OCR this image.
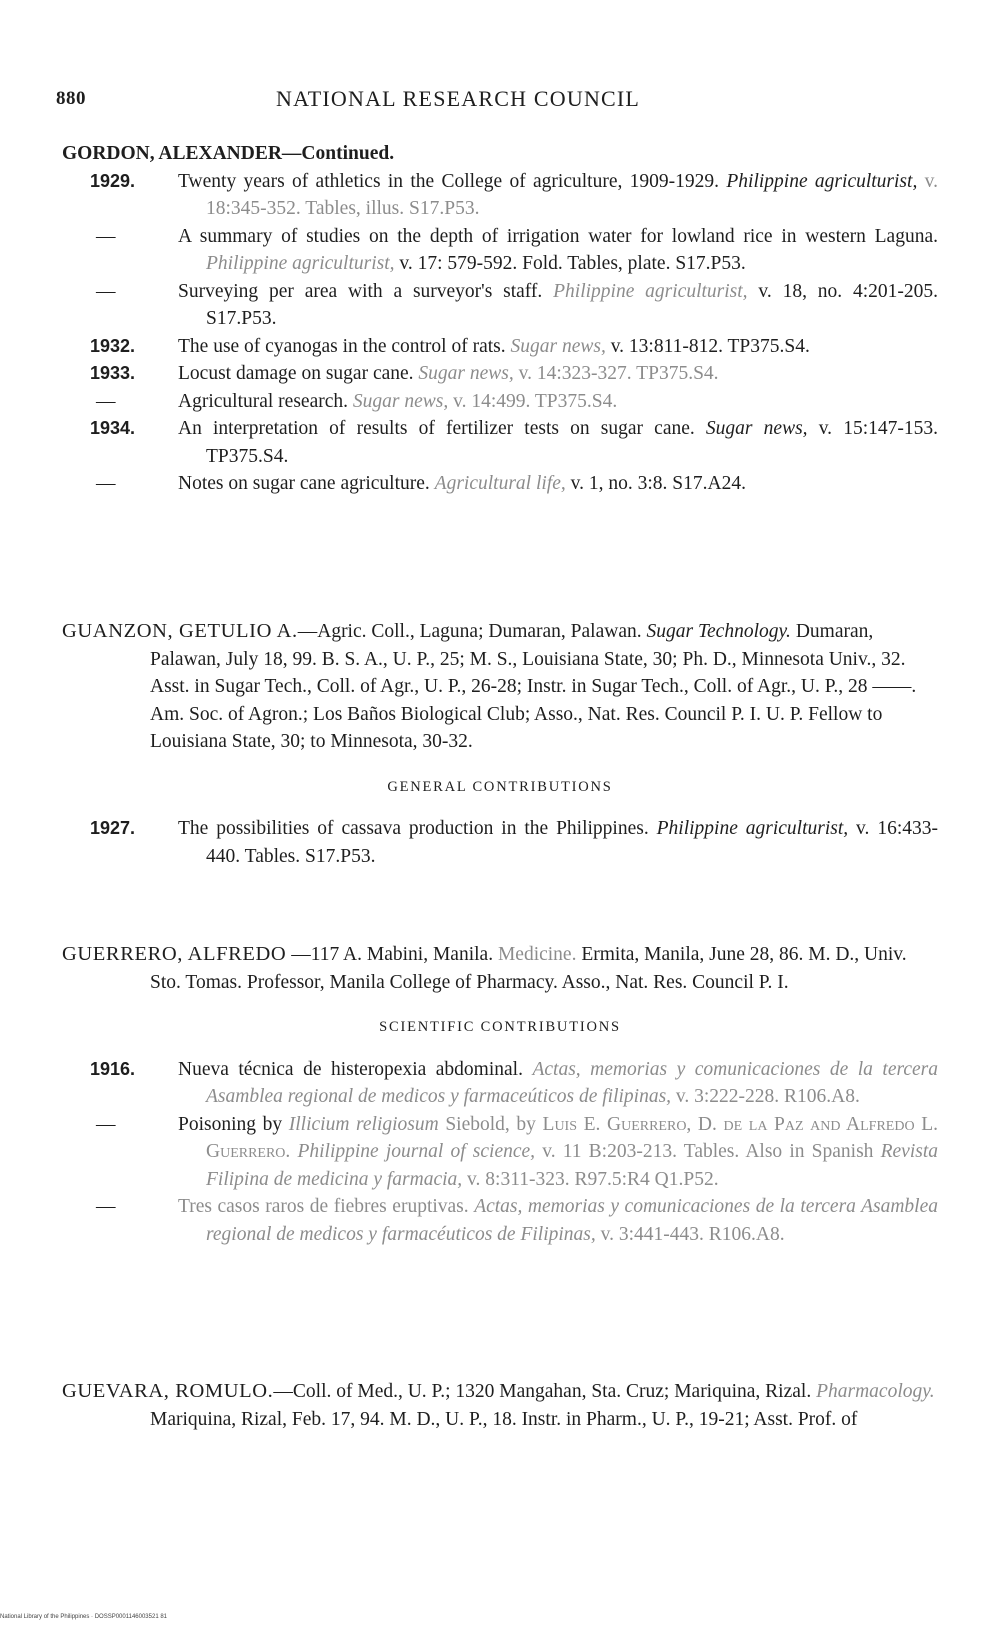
880	NATIONAL RESEARCH COUNCIL

GORDON, ALEXANDER—Continued.

1929. Twenty years of athletics in the College of agriculture, 1909-1929. Philippine agriculturist, v. 18:345-352. Tables, illus. S17.P53.
—	A summary of studies on the depth of irrigation water for lowland rice in western Laguna. Philippine agriculturist, v. 17: 579-592. Fold. Tables, plate. S17.P53.
—	Surveying per area with a surveyor's staff. Philippine agriculturist, v. 18, no. 4:201-205. S17.P53.
1932. The use of cyanogas in the control of rats. Sugar news, v. 13:811-812. TP375.S4.
1933. Locust damage on sugar cane. Sugar news, v. 14:323-327. TP375.S4.
—	Agricultural research. Sugar news, v. 14:499. TP375.S4.
1934. An interpretation of results of fertilizer tests on sugar cane. Sugar news, v. 15:147-153. TP375.S4.
—	Notes on sugar cane agriculture. Agricultural life, v. 1, no. 3:8. S17.A24.

GUANZON, GETULIO A.—Agric. Coll., Laguna; Dumaran, Palawan. Sugar Technology. Dumaran, Palawan, July 18, 99. B. S. A., U. P., 25; M. S., Louisiana State, 30; Ph. D., Minnesota Univ., 32. Asst. in Sugar Tech., Coll. of Agr., U. P., 26-28; Instr. in Sugar Tech., Coll. of Agr., U. P., 28 ——. Am. Soc. of Agron.; Los Baños Biological Club; Asso., Nat. Res. Council P. I. U. P. Fellow to Louisiana State, 30; to Minnesota, 30-32.

GENERAL CONTRIBUTIONS
1927. The possibilities of cassava production in the Philippines. Philippine agriculturist, v. 16:433-440. Tables. S17.P53.

GUERRERO, ALFREDO —117 A. Mabini, Manila. Medicine. Ermita, Manila, June 28, 86. M. D., Univ. Sto. Tomas. Professor, Manila College of Pharmacy. Asso., Nat. Res. Council P. I.

SCIENTIFIC CONTRIBUTIONS
1916. Nueva técnica de histeropexia abdominal. Actas, memorias y comunicaciones de la tercera Asamblea regional de medicos y farmaceúticos de filipinas, v. 3:222-228. R106.A8.
—	Poisoning by Illicium religiosum Siebold, by Luis E. Guerrero, D. de la Paz and Alfredo L. Guerrero. Philippine journal of science, v. 11 B:203-213. Tables. Also in Spanish Revista Filipina de medicina y farmacia, v. 8:311-323. R97.5:R4 Q1.P52.
—	Tres casos raros de fiebres eruptivas. Actas, memorias y comunicaciones de la tercera Asamblea regional de medicos y farmacéuticos de Filipinas, v. 3:441-443. R106.A8.

GUEVARA, ROMULO.—Coll. of Med., U. P.; 1320 Mangahan, Sta. Cruz; Mariquina, Rizal. Pharmacology. Mariquina, Rizal, Feb. 17, 94. M. D., U. P., 18. Instr. in Pharm., U. P., 19-21; Asst. Prof. of

National Library of the Philippines · DOSSP0001146003521 81
